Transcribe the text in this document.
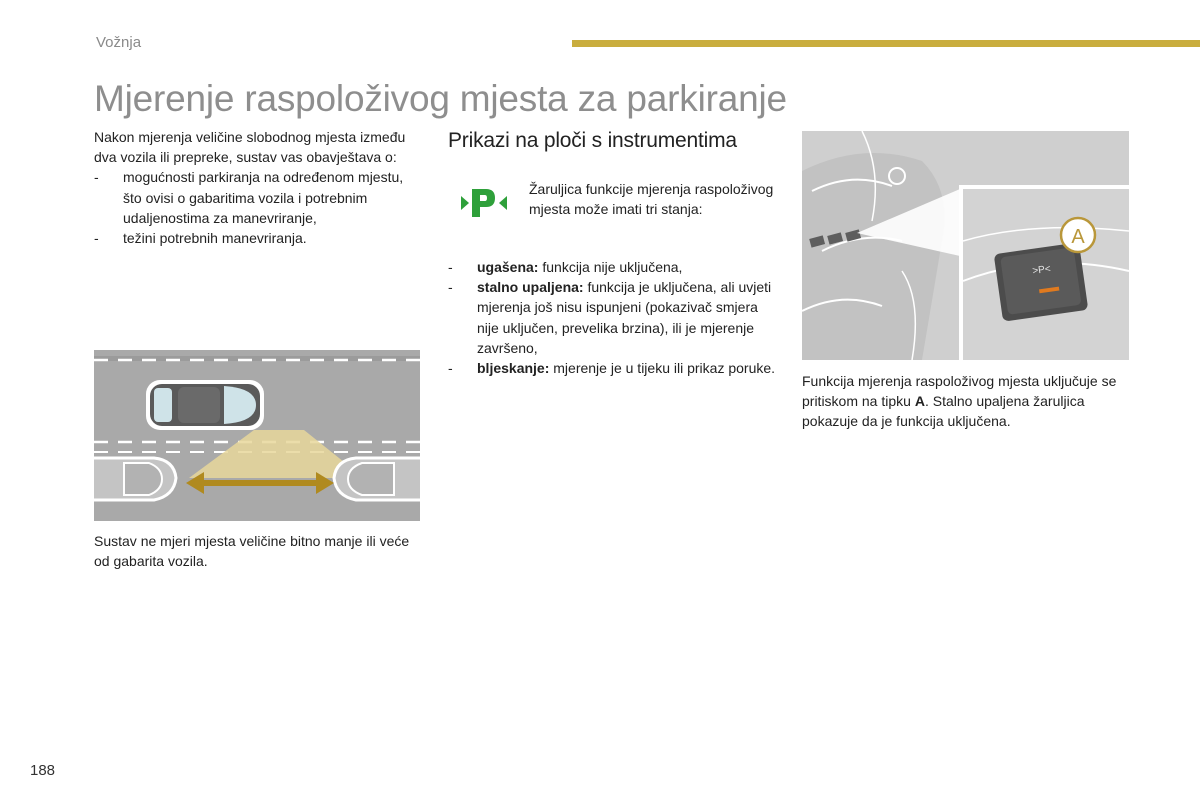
Vožnja
Mjerenje raspoloživog mjesta za parkiranje
Nakon mjerenja veličine slobodnog mjesta između dva vozila ili prepreke, sustav vas obavještava o:
- mogućnosti parkiranja na određenom mjestu, što ovisi o gabaritima vozila i potrebnim udaljenostima za manevriranje,
- težini potrebnih manevriranja.
Sustav ne mjeri mjesta veličine bitno manje ili veće od gabarita vozila.
Prikazi na ploči s instrumentima
Žaruljica funkcije mjerenja raspoloživog mjesta može imati tri stanja:
- ugašena: funkcija nije uključena,
- stalno upaljena: funkcija je uključena, ali uvjeti mjerenja još nisu ispunjeni (pokazivač smjera nije uključen, prevelika brzina), ili je mjerenje završeno,
- bljeskanje: mjerenje je u tijeku ili prikaz poruke.
>P<
A
Funkcija mjerenja raspoloživog mjesta uključuje se pritiskom na tipku A. Stalno upaljena žaruljica pokazuje da je funkcija uključena.
188
